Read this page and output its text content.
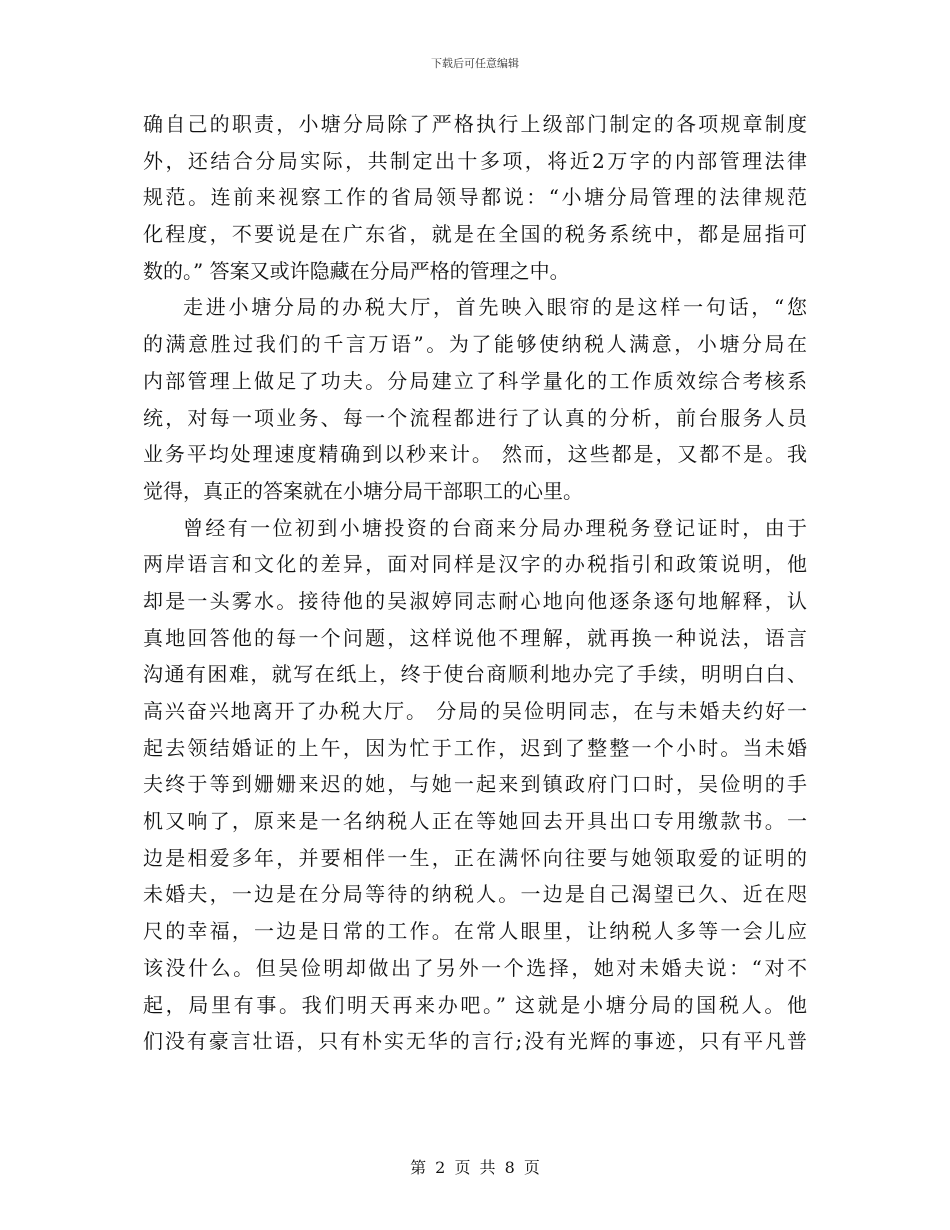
下载后可任意编辑
确自己的职责，小塘分局除了严格执行上级部门制定的各项规章制度
外，还结合分局实际，共制定出十多项，将近2万字的内部管理法律
规范。连前来视察工作的省局领导都说：“小塘分局管理的法律规范
化程度，不要说是在广东省，就是在全国的税务系统中，都是屈指可
数的。” 答案又或许隐藏在分局严格的管理之中。
走进小塘分局的办税大厅，首先映入眼帘的是这样一句话，“您
的满意胜过我们的千言万语”。为了能够使纳税人满意，小塘分局在
内部管理上做足了功夫。分局建立了科学量化的工作质效综合考核系
统，对每一项业务、每一个流程都进行了认真的分析，前台服务人员
业务平均处理速度精确到以秒来计。 然而，这些都是，又都不是。我
觉得，真正的答案就在小塘分局干部职工的心里。
曾经有一位初到小塘投资的台商来分局办理税务登记证时，由于
两岸语言和文化的差异，面对同样是汉字的办税指引和政策说明，他
却是一头雾水。接待他的吴淑婷同志耐心地向他逐条逐句地解释，认
真地回答他的每一个问题，这样说他不理解，就再换一种说法，语言
沟通有困难，就写在纸上，终于使台商顺利地办完了手续，明明白白、
高兴奋兴地离开了办税大厅。 分局的吴俭明同志，在与未婚夫约好一
起去领结婚证的上午，因为忙于工作，迟到了整整一个小时。当未婚
夫终于等到姗姗来迟的她，与她一起来到镇政府门口时，吴俭明的手
机又响了，原来是一名纳税人正在等她回去开具出口专用缴款书。一
边是相爱多年，并要相伴一生，正在满怀向往要与她领取爱的证明的
未婚夫，一边是在分局等待的纳税人。一边是自己渴望已久、近在咫
尺的幸福，一边是日常的工作。在常人眼里，让纳税人多等一会儿应
该没什么。但吴俭明却做出了另外一个选择，她对未婚夫说：“对不
起，局里有事。我们明天再来办吧。” 这就是小塘分局的国税人。他
们没有豪言壮语，只有朴实无华的言行;没有光辉的事迹，只有平凡普
第 2 页 共 8 页
